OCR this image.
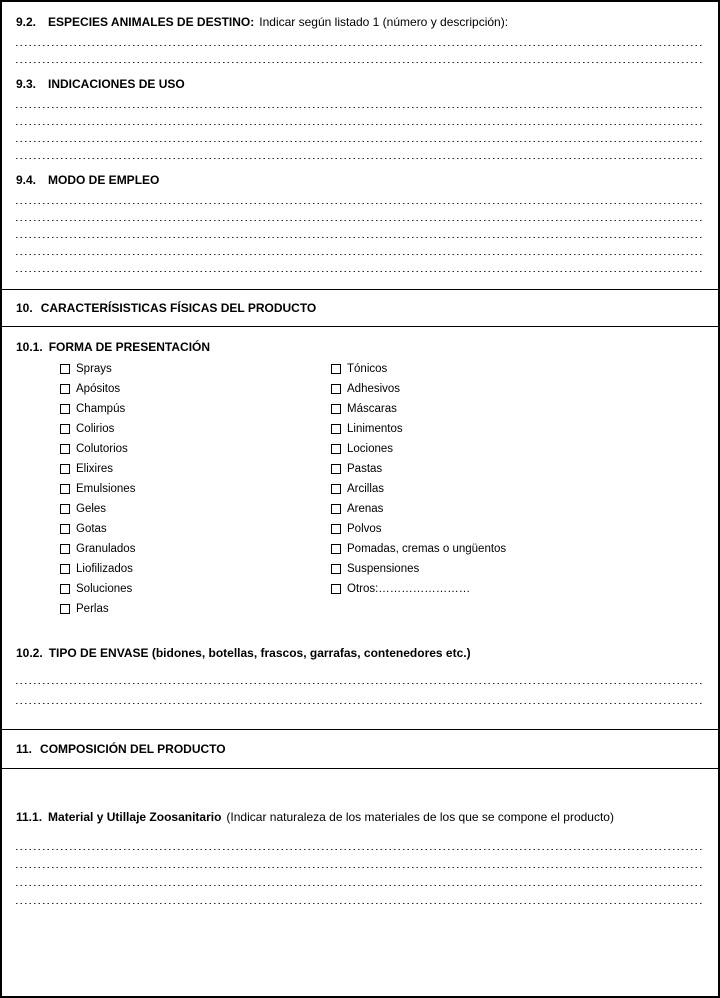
9.2. ESPECIES ANIMALES DE DESTINO: Indicar según listado 1 (número y descripción):
9.3. INDICACIONES DE USO
9.4. MODO DE EMPLEO
10. CARACTERÍSISTICAS FÍSICAS DEL PRODUCTO
10.1. FORMA DE PRESENTACIÓN
Sprays
Apósitos
Champús
Colirios
Colutorios
Elixires
Emulsiones
Geles
Gotas
Granulados
Liofilizados
Soluciones
Perlas
Tónicos
Adhesivos
Máscaras
Linimentos
Lociones
Pastas
Arcillas
Arenas
Polvos
Pomadas, cremas o ungüentos
Suspensiones
Otros:……………………
10.2. TIPO DE ENVASE (bidones, botellas, frascos, garrafas, contenedores etc.)
11. COMPOSICIÓN DEL PRODUCTO
11.1. Material y Utillaje Zoosanitario (Indicar naturaleza de los materiales de los que se compone el producto)
